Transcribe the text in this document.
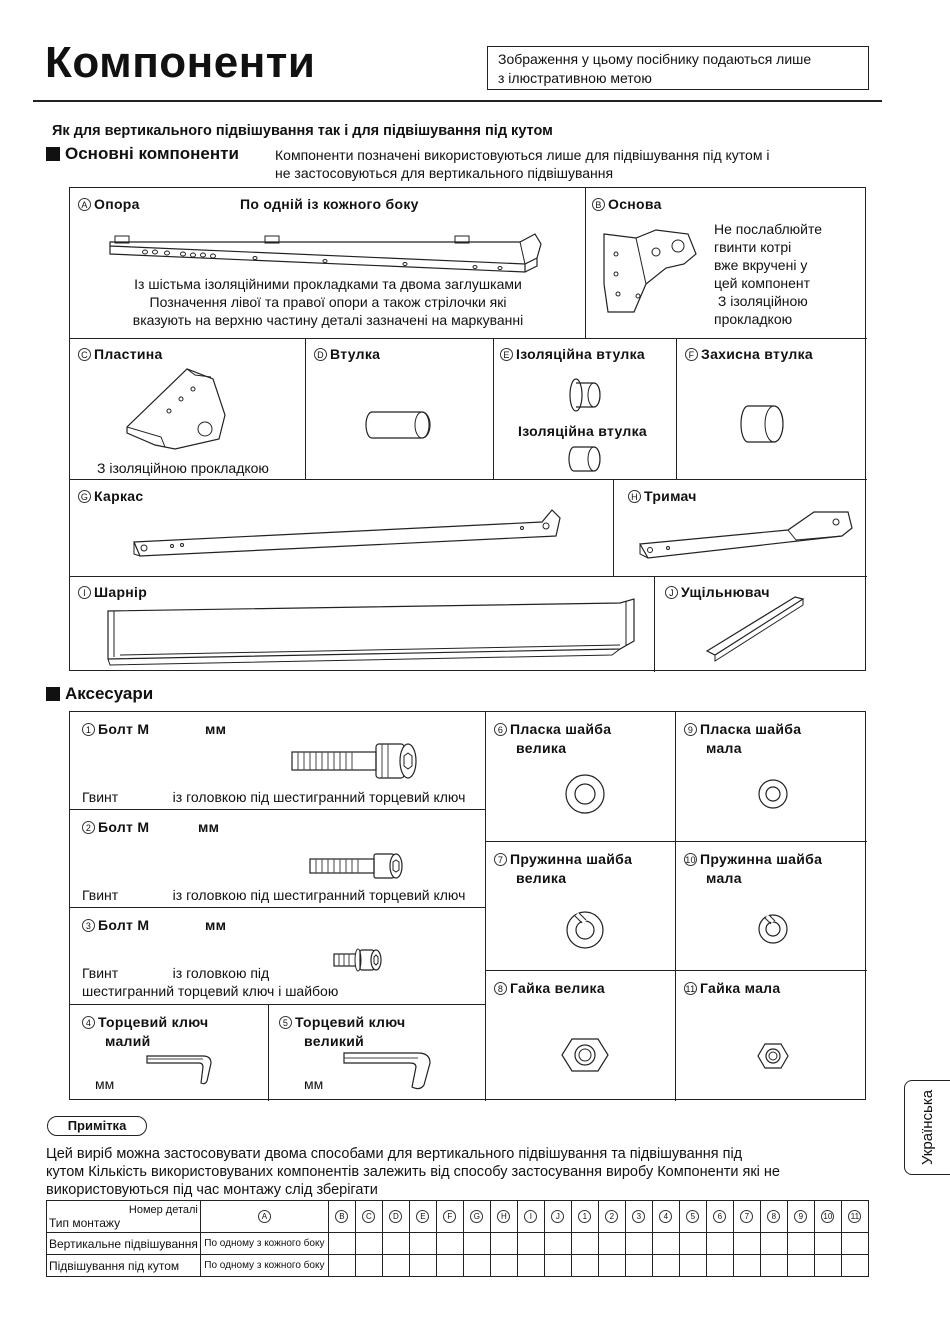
Компоненти	Зображення у цьому посібнику подаються лише
з ілюстративною метою
Як для вертикального підвішування так і для підвішування під кутом
Основні компоненти	Компоненти позначені використовуються лише для підвішування під кутом і
не застосовуються для вертикального підвішування
A Опора	По одній із кожного боку
Із шістьма ізоляційними прокладками та двома заглушками
Позначення лівої та правої опори а також стрілочки які
вказують на верхню частину деталі зазначені на маркуванні
B Основа
Не послаблюйте
гвинти котрі
вже вкручені у
цей компонент
З ізоляційною
прокладкою
C Пластина
З ізоляційною прокладкою
D Втулка	E Ізоляційна втулка
Ізоляційна втулка
F Захисна втулка
G Каркас	H Тримач
I Шарнір	J Ущільнювач
Аксесуари
1 Болт М	мм
Гвинт              із головкою під шестигранний торцевий ключ
2 Болт М	мм
Гвинт              із головкою під шестигранний торцевий ключ
3 Болт М	мм
Гвинт              із головкою під
шестигранний торцевий ключ і шайбою
4 Торцевий ключ
малий
мм
5 Торцевий ключ
великий
мм
6 Пласка шайба
велика
9 Пласка шайба
мала
7 Пружинна шайба
велика
10 Пружинна шайба
мала
8 Гайка велика	11 Гайка мала
Примітка
Цей виріб можна застосовувати двома способами для вертикального підвішування та підвішування під
кутом Кількість використовуваних компонентів залежить від способу застосування виробу Компоненти які не
використовуються під час монтажу слід зберігати
Номер деталі
Тип монтажу	A	B	C	D	E	F	G	H	I	J	1	2	3	4	5	6	7	8	9	10	11
Вертикальне підвішування	По одному з кожного боку																				
Підвішування під кутом	По одному з кожного боку																				
Українська
